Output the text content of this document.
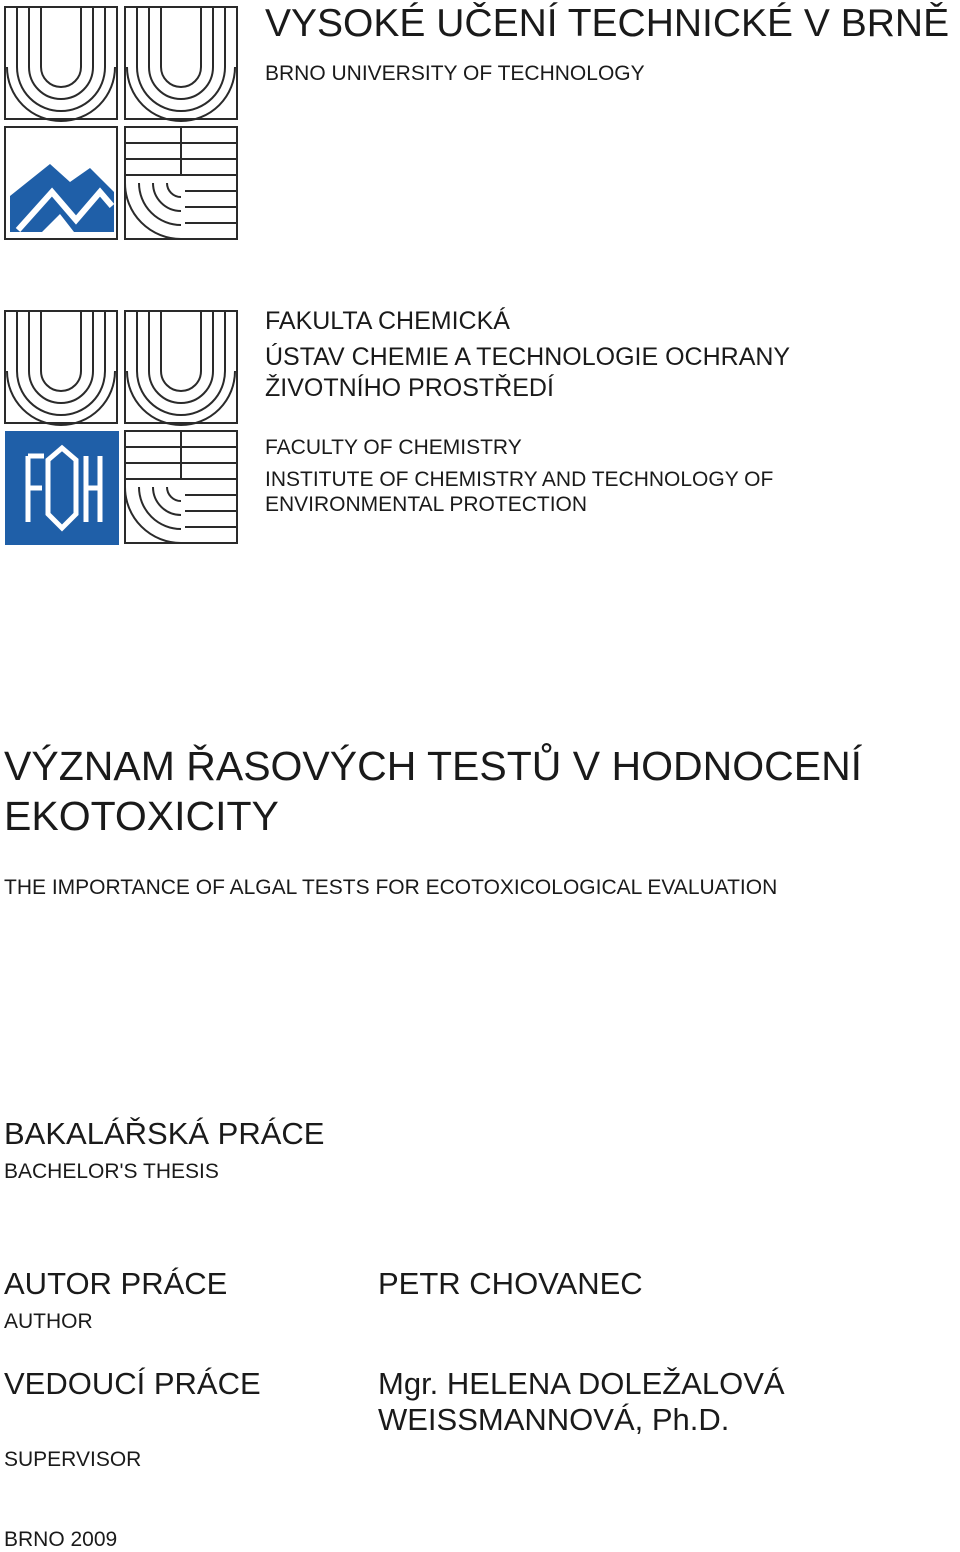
VYSOKÉ UČENÍ TECHNICKÉ V BRNĚ
BRNO UNIVERSITY OF TECHNOLOGY
FAKULTA CHEMICKÁ
ÚSTAV CHEMIE A TECHNOLOGIE OCHRANY
ŽIVOTNÍHO PROSTŘEDÍ
FACULTY OF CHEMISTRY
INSTITUTE OF CHEMISTRY AND TECHNOLOGY OF
ENVIRONMENTAL PROTECTION
VÝZNAM ŘASOVÝCH TESTŮ V HODNOCENÍ
EKOTOXICITY
THE IMPORTANCE OF ALGAL TESTS FOR ECOTOXICOLOGICAL EVALUATION
BAKALÁŘSKÁ PRÁCE
BACHELOR'S THESIS
AUTOR PRÁCE
AUTHOR
PETR CHOVANEC
VEDOUCÍ PRÁCE
SUPERVISOR
Mgr. HELENA DOLEŽALOVÁ
WEISSMANNOVÁ, Ph.D.
BRNO 2009
